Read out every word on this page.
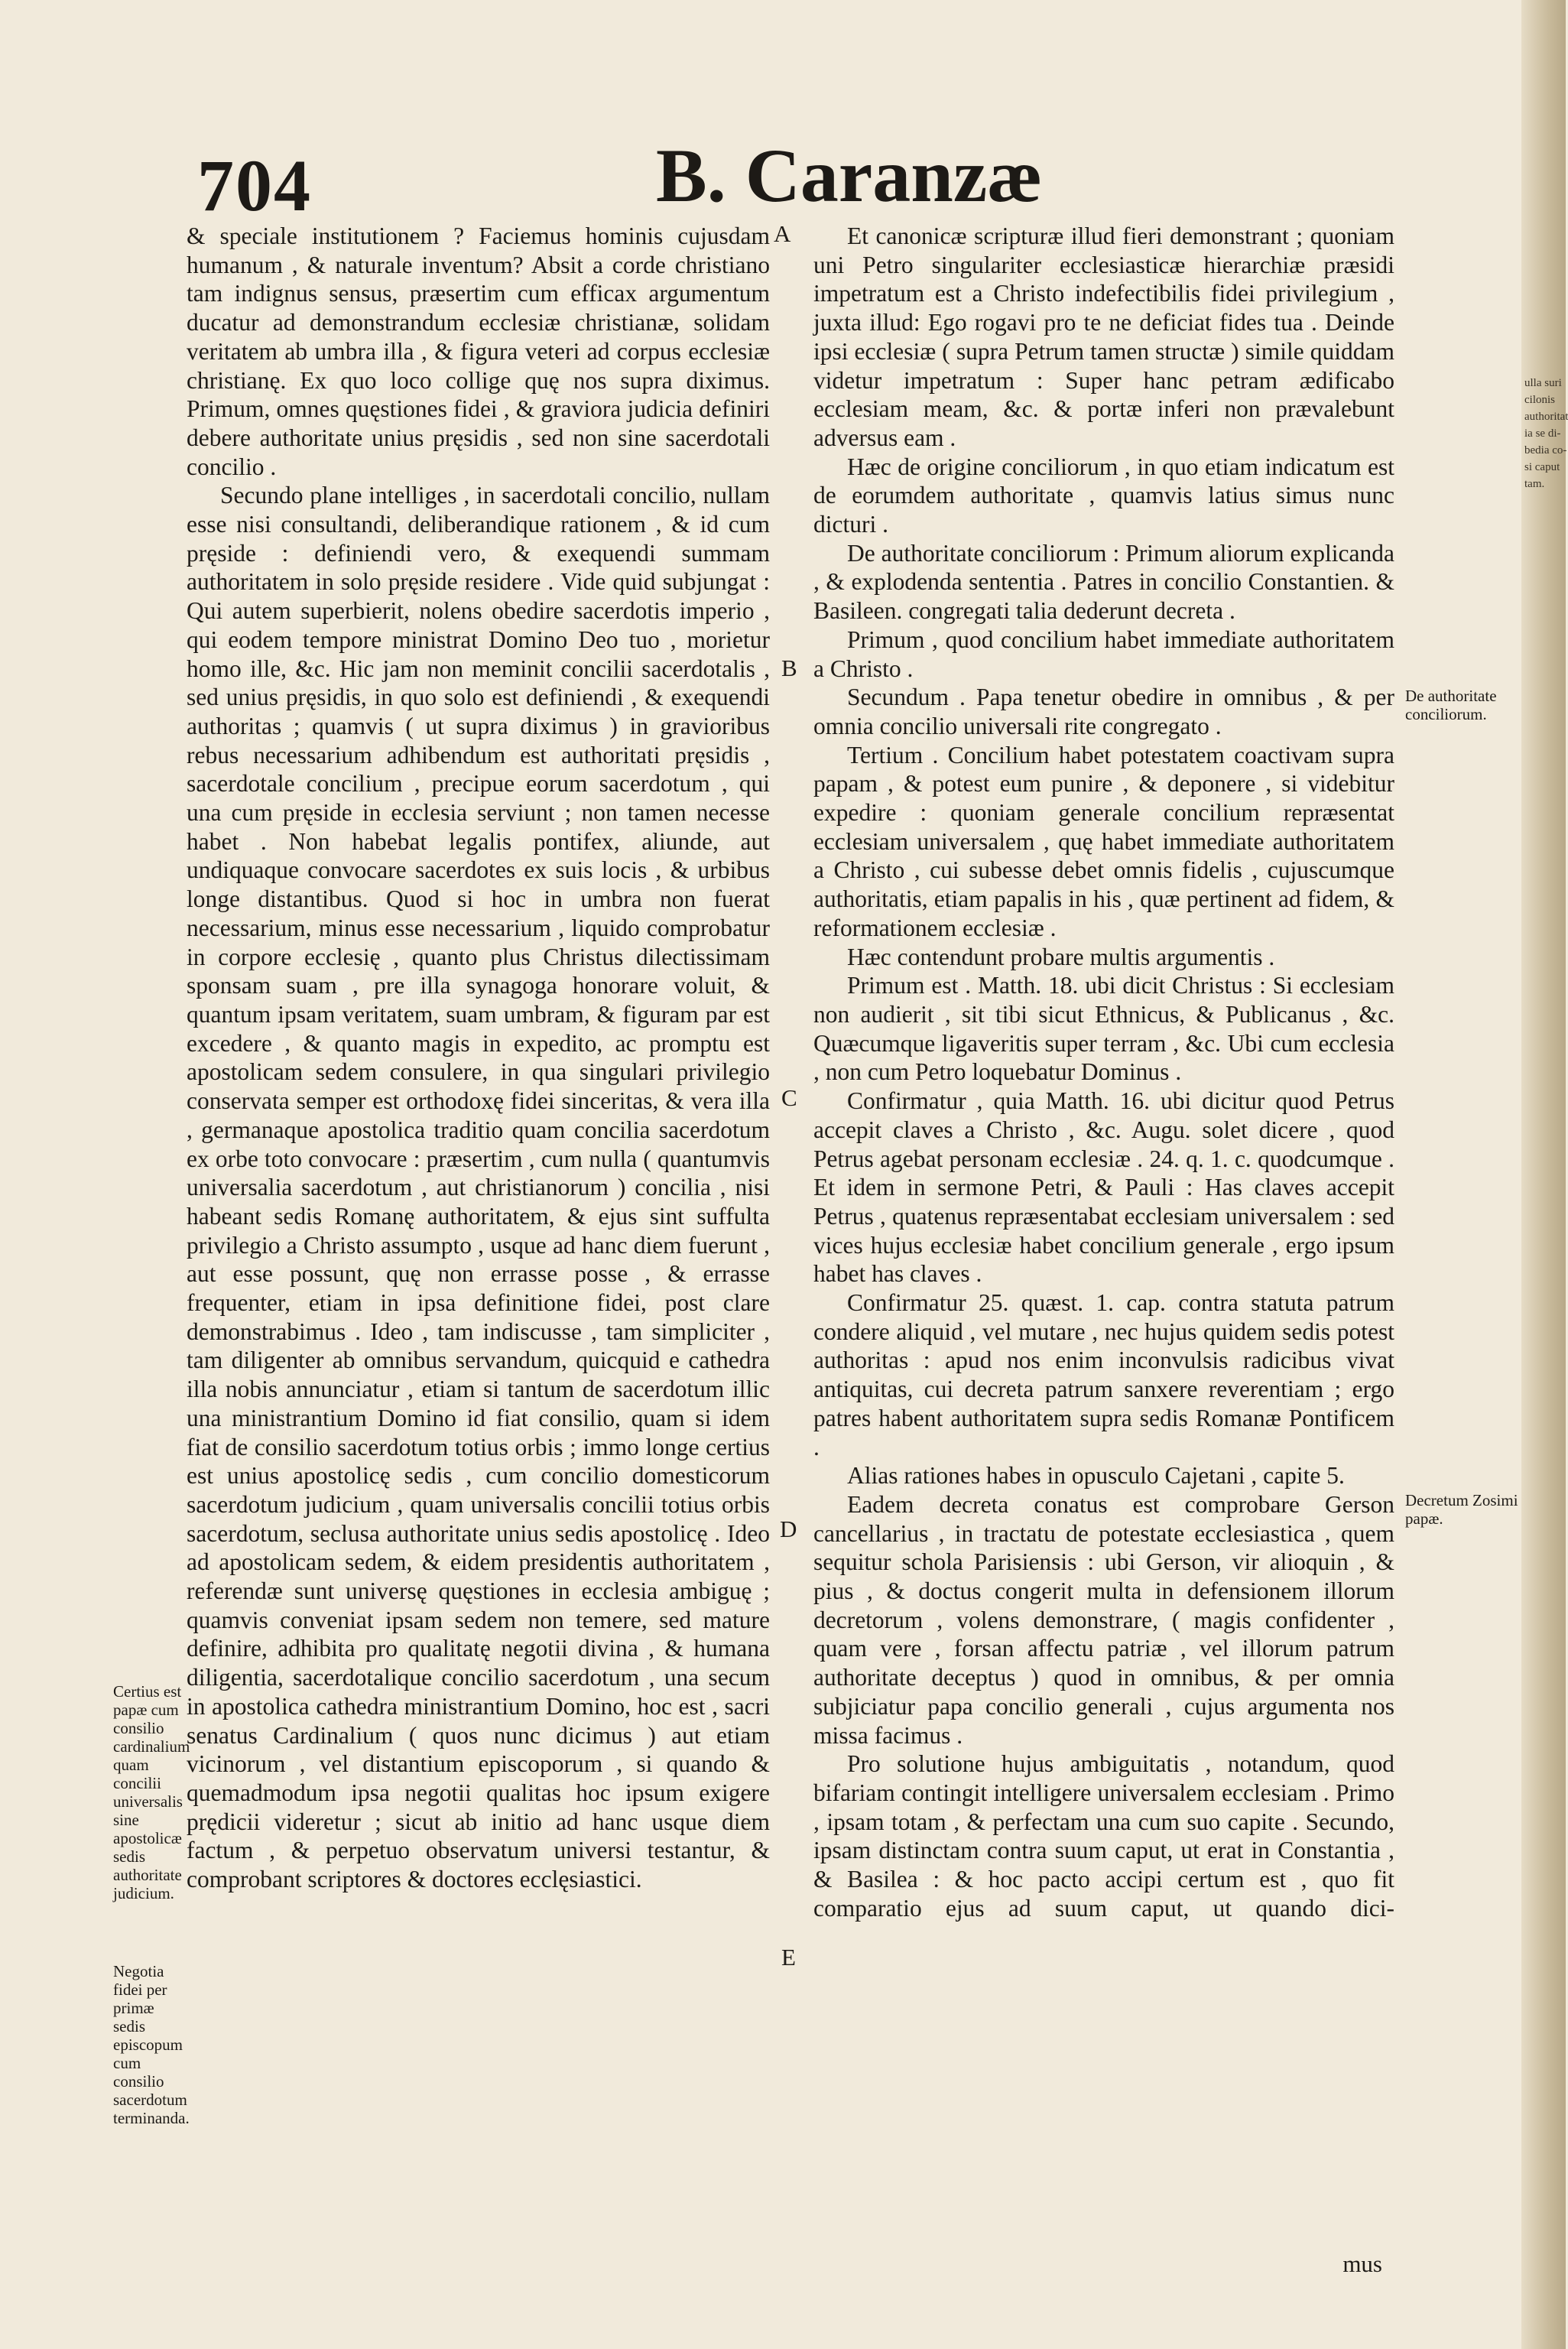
ulla suri
cilonis
authoritat
ia se di-
bedia co-
si caput
tam.
704	B. Caranzæ

& speciale institutionem ? Faciemus hominis cujusdam humanum , & naturale inventum? Absit a corde christiano tam indignus sensus, præsertim cum efficax argumentum ducatur ad demonstrandum ecclesiæ christianæ, solidam veritatem ab umbra illa , & figura veteri ad corpus ecclesiæ christianę. Ex quo loco collige quę nos supra diximus. Primum, omnes quęstiones fidei , & graviora judicia definiri debere authoritate unius pręsidis , sed non sine sacerdotali concilio .

Secundo plane intelliges , in sacerdotali concilio, nullam esse nisi consultandi, deliberandique rationem , & id cum pręside : definiendi vero, & exequendi summam authoritatem in solo pręside residere . Vide quid subjungat : Qui autem superbierit, nolens obedire sacerdotis imperio , qui eodem tempore ministrat Domino Deo tuo , morietur homo ille, &c. Hic jam non meminit concilii sacerdotalis , sed unius pręsidis, in quo solo est definiendi , & exequendi authoritas ; quamvis ( ut supra diximus ) in gravioribus rebus necessarium adhibendum est authoritati pręsidis , sacerdotale concilium , precipue eorum sacerdotum , qui una cum pręside in ecclesia serviunt ; non tamen necesse habet . Non habebat legalis pontifex, aliunde, aut undiquaque convocare sacerdotes ex suis locis , & urbibus longe distantibus. Quod si hoc in umbra non fuerat necessarium, minus esse necessarium , liquido comprobatur in corpore ecclesię , quanto plus Christus dilectissimam sponsam suam , pre illa synagoga honorare voluit, & quantum ipsam veritatem, suam umbram, & figuram par est excedere , & quanto magis in expedito, ac promptu est apostolicam sedem consulere, in qua singulari privilegio conservata semper est orthodoxę fidei sinceritas, & vera illa , germanaque apostolica traditio quam concilia sacerdotum ex orbe toto convocare : præsertim , cum nulla ( quantumvis universalia sacerdotum , aut christianorum ) concilia , nisi habeant sedis Romanę authoritatem, & ejus sint suffulta privilegio a Christo assumpto , usque ad hanc diem fuerunt , aut esse possunt, quę non errasse posse , & errasse frequenter, etiam in ipsa definitione fidei, post clare demonstrabimus . Ideo , tam indiscusse , tam simpliciter , tam diligenter ab omnibus servandum, quicquid e cathedra illa nobis annunciatur , etiam si tantum de sacerdotum illic una ministrantium Domino id fiat consilio, quam si idem fiat de consilio sacerdotum totius orbis ; immo longe certius est unius apostolicę sedis , cum concilio domesticorum sacerdotum judicium , quam universalis concilii totius orbis sacerdotum, seclusa authoritate unius sedis apostolicę . Ideo ad apostolicam sedem, & eidem presidentis authoritatem , referendæ sunt universę quęstiones in ecclesia ambiguę ; quamvis conveniat ipsam sedem non temere, sed mature definire, adhibita pro qualitatę negotii divina , & humana diligentia, sacerdotalique concilio sacerdotum , una secum in apostolica cathedra ministrantium Domino, hoc est , sacri senatus Cardinalium ( quos nunc dicimus ) aut etiam vicinorum , vel distantium episcoporum , si quando & quemadmodum ipsa negotii qualitas hoc ipsum exigere prędicii videretur ; sicut ab initio ad hanc usque diem factum , & perpetuo observatum universi testantur, & comprobant scriptores & doctores ecclęsiastici.

Et canonicæ scripturæ illud fieri demonstrant ; quoniam uni Petro singulariter ecclesiasticæ hierarchiæ præsidi impetratum est a Christo indefectibilis fidei privilegium , juxta illud: Ego rogavi pro te ne deficiat fides tua . Deinde ipsi ecclesiæ ( supra Petrum tamen structæ ) simile quiddam videtur impetratum : Super hanc petram ædificabo ecclesiam meam, &c. & portæ inferi non prævalebunt adversus eam .

Hæc de origine conciliorum , in quo etiam indicatum est de eorumdem authoritate , quamvis latius simus nunc dicturi .

De authoritate conciliorum : Primum aliorum explicanda , & explodenda sententia . Patres in concilio Constantien. & Basileen. congregati talia dederunt decreta .

Primum , quod concilium habet immediate authoritatem a Christo .

Secundum . Papa tenetur obedire in omnibus , & per omnia concilio universali rite congregato .

Tertium . Concilium habet potestatem coactivam supra papam , & potest eum punire , & deponere , si videbitur expedire : quoniam generale concilium repræsentat ecclesiam universalem , quę habet immediate authoritatem a Christo , cui subesse debet omnis fidelis , cujuscumque authoritatis, etiam papalis in his , quæ pertinent ad fidem, & reformationem ecclesiæ .

Hæc contendunt probare multis argumentis .

Primum est . Matth. 18. ubi dicit Christus : Si ecclesiam non audierit , sit tibi sicut Ethnicus, & Publicanus , &c. Quæcumque ligaveritis super terram , &c. Ubi cum ecclesia , non cum Petro loquebatur Dominus .

Confirmatur , quia Matth. 16. ubi dicitur quod Petrus accepit claves a Christo , &c. Augu. solet dicere , quod Petrus agebat personam ecclesiæ . 24. q. 1. c. quodcumque . Et idem in sermone Petri, & Pauli : Has claves accepit Petrus , quatenus repræsentabat ecclesiam universalem : sed vices hujus ecclesiæ habet concilium generale , ergo ipsum habet has claves .

Confirmatur 25. quæst. 1. cap. contra statuta patrum condere aliquid , vel mutare , nec hujus quidem sedis potest authoritas : apud nos enim inconvulsis radicibus vivat antiquitas, cui decreta patrum sanxere reverentiam ; ergo patres habent authoritatem supra sedis Romanæ Pontificem .

Alias rationes habes in opusculo Cajetani , capite 5.

Eadem decreta conatus est comprobare Gerson cancellarius , in tractatu de potestate ecclesiastica , quem sequitur schola Parisiensis : ubi Gerson, vir alioquin , & pius , & doctus congerit multa in defensionem illorum decretorum , volens demonstrare, ( magis confidenter , quam vere , forsan affectu patriæ , vel illorum patrum authoritate deceptus ) quod in omnibus, & per omnia subjiciatur papa concilio generali , cujus argumenta nos missa facimus .

Pro solutione hujus ambiguitatis , notandum, quod bifariam contingit intelligere universalem ecclesiam . Primo , ipsam totam , & perfectam una cum suo capite . Secundo, ipsam distinctam contra suum caput, ut erat in Constantia , & Basilea : & hoc pacto accipi certum est , quo fit comparatio ejus ad suum caput, ut quando dici-

mus
A
B
C
D
E
De authoritate conciliorum.
Decretum Zosimi papæ.
Certius est papæ cum consilio cardinalium quam concilii universalis sine apostolicæ sedis authoritate judicium.
Negotia fidei per primæ sedis episcopum cum consilio sacerdotum terminanda.
